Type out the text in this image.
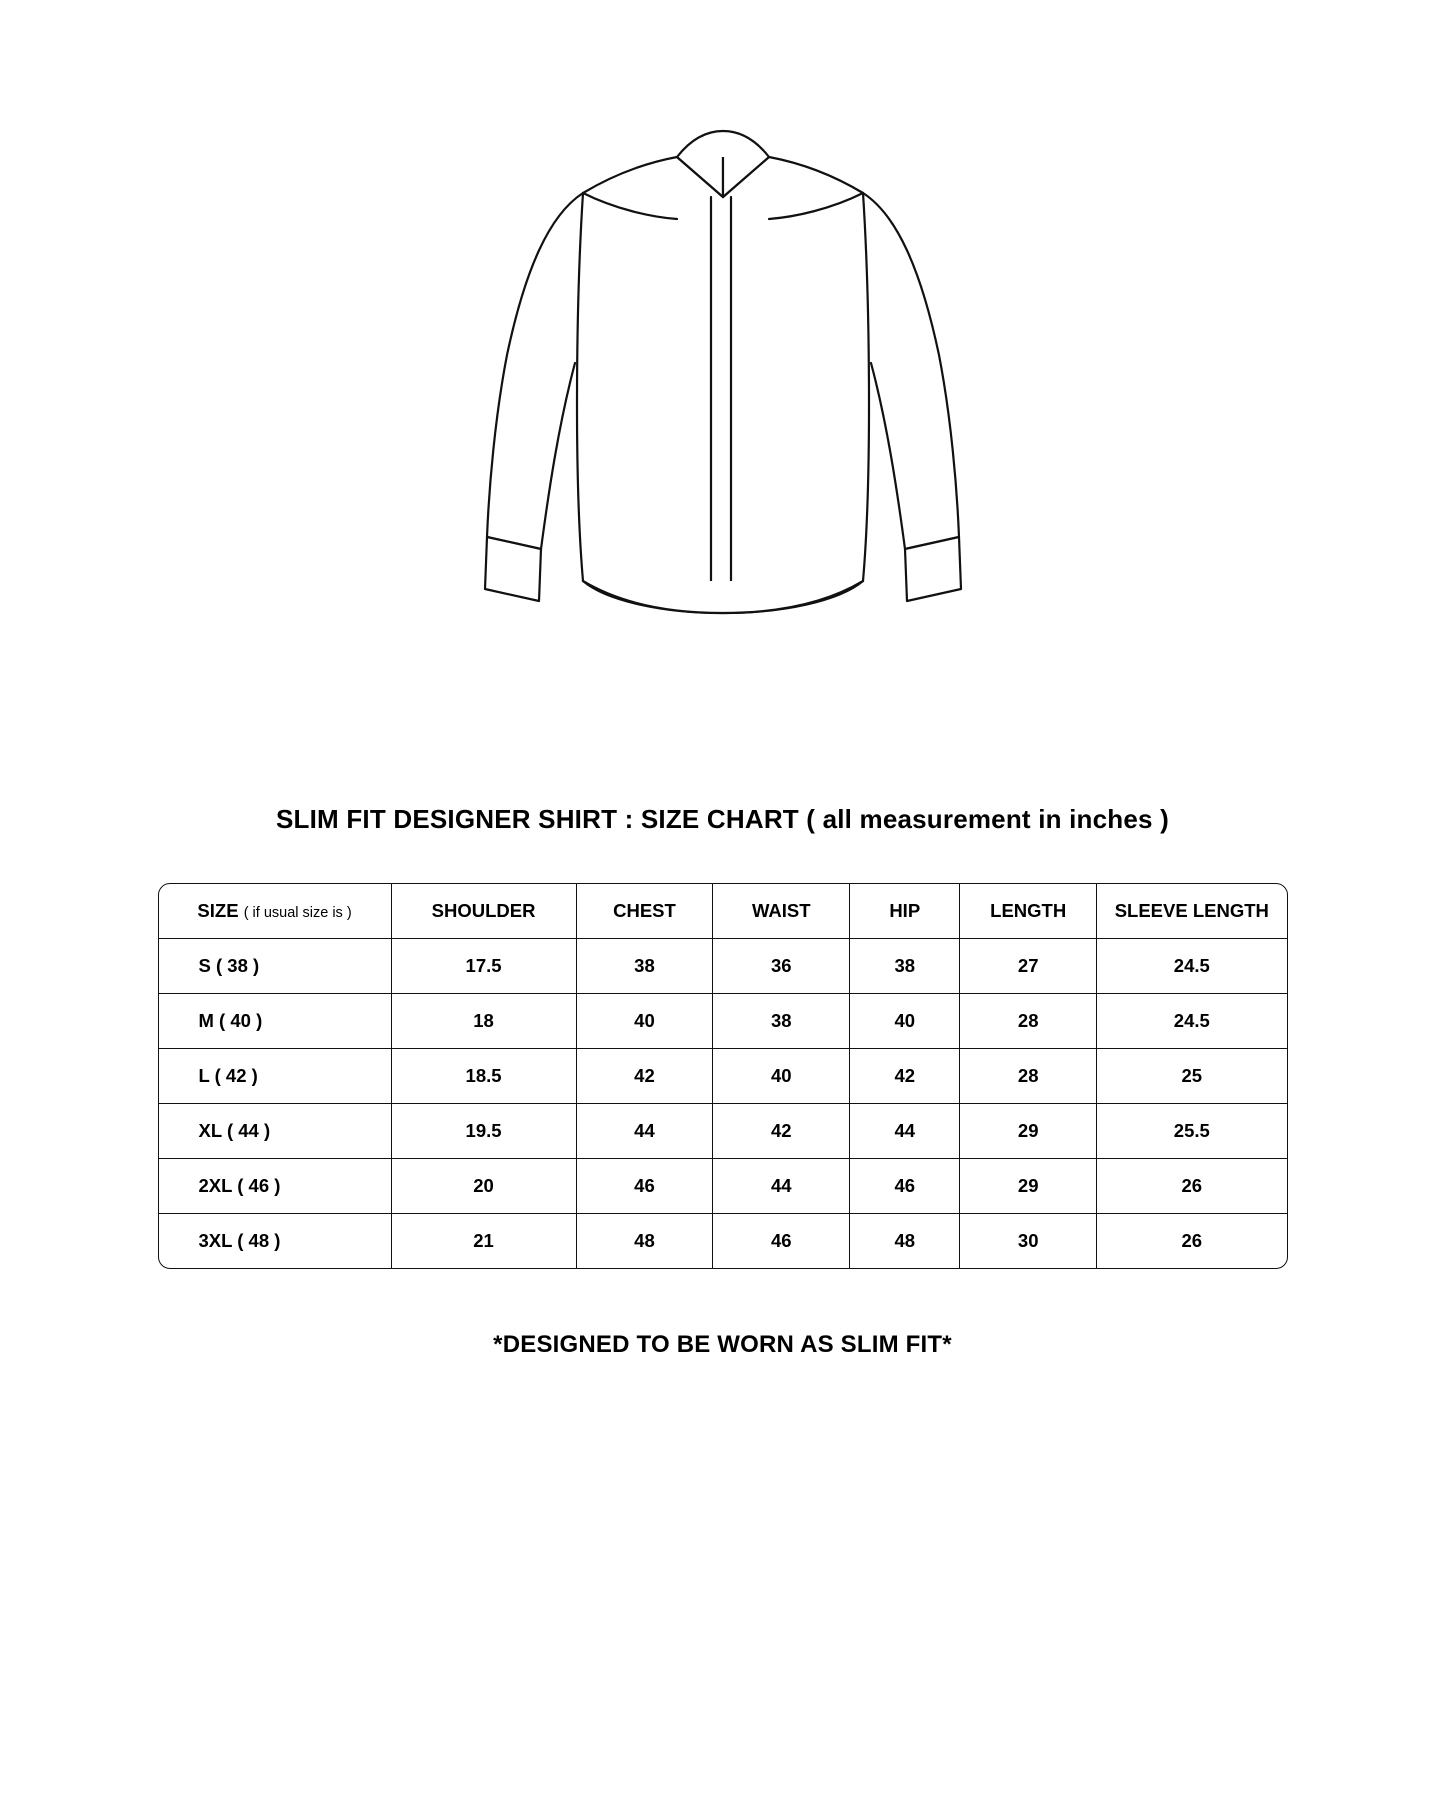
SLIM FIT DESIGNER SHIRT : SIZE CHART ( all measurement in inches )
SIZE ( if usual size is )	SHOULDER	CHEST	WAIST	HIP	LENGTH	SLEEVE LENGTH
S ( 38 )	17.5	38	36	38	27	24.5
M ( 40 )	18	40	38	40	28	24.5
L ( 42 )	18.5	42	40	42	28	25
XL ( 44 )	19.5	44	42	44	29	25.5
2XL ( 46 )	20	46	44	46	29	26
3XL ( 48 )	21	48	46	48	30	26
*DESIGNED TO BE WORN AS SLIM FIT*
